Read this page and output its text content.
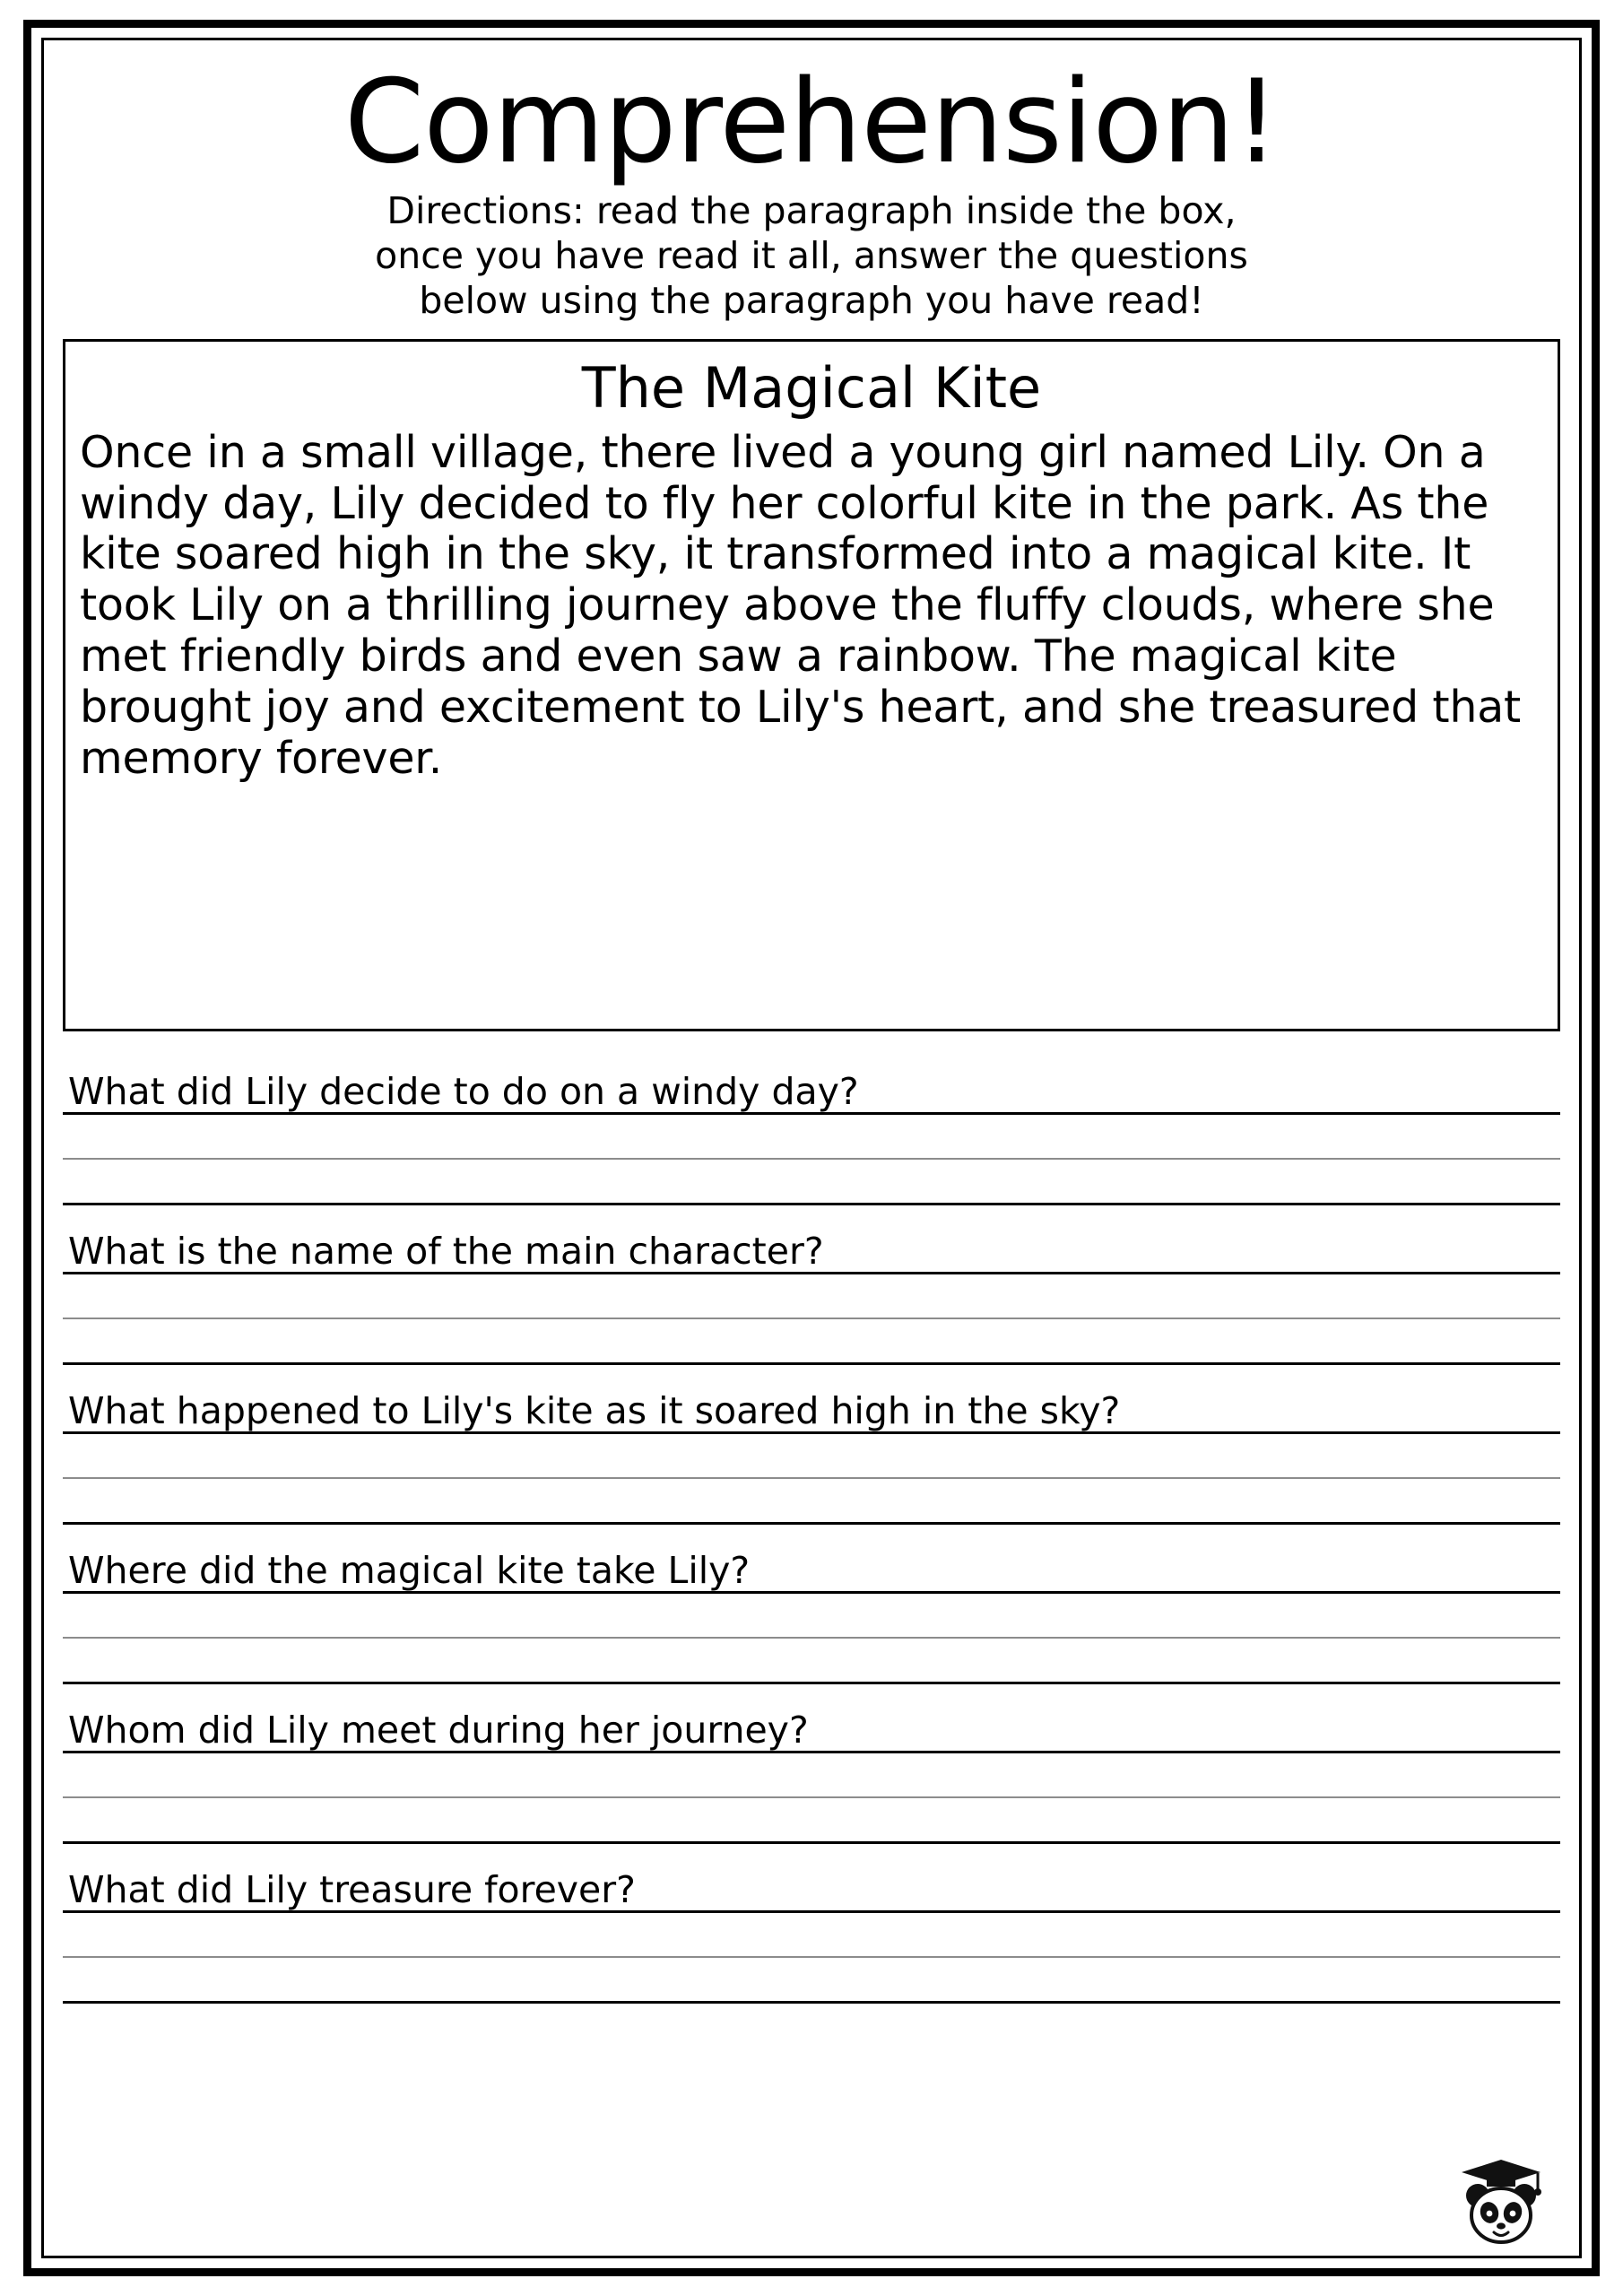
Comprehension!
Directions: read the paragraph inside the box,
once you have read it all, answer the questions
below using the paragraph you have read!
The Magical Kite

Once in a small village, there lived a young girl named Lily. On a windy day, Lily decided to fly her colorful kite in the park. As the kite soared high in the sky, it transformed into a magical kite. It took Lily on a thrilling journey above the fluffy clouds, where she met friendly birds and even saw a rainbow. The magical kite brought joy and excitement to Lily's heart, and she treasured that memory forever.

What did Lily decide to do on a windy day?
What is the name of the main character?
What happened to Lily's kite as it soared high in the sky?
Where did the magical kite take Lily?
Whom did Lily meet during her journey?
What did Lily treasure forever?
